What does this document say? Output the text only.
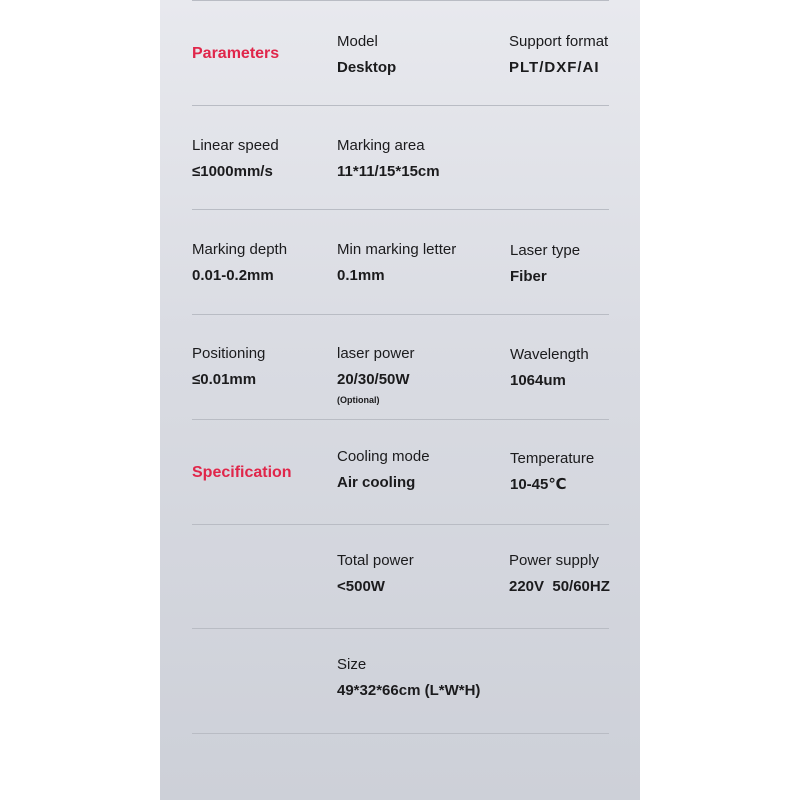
Parameters
Specification
Model
Desktop
Support format
PLT/DXF/AI
Linear speed
≤1000mm/s
Marking area
11*11/15*15cm
Marking depth
0.01-0.2mm
Min marking letter
0.1mm
Laser type
Fiber
Positioning
≤0.01mm
laser power
20/30/50W
(Optional)
Wavelength
1064um
Cooling mode
Air cooling
Temperature
10-45℃
Total power
<500W
Power supply
220V  50/60HZ
Size
49*32*66cm (L*W*H)
